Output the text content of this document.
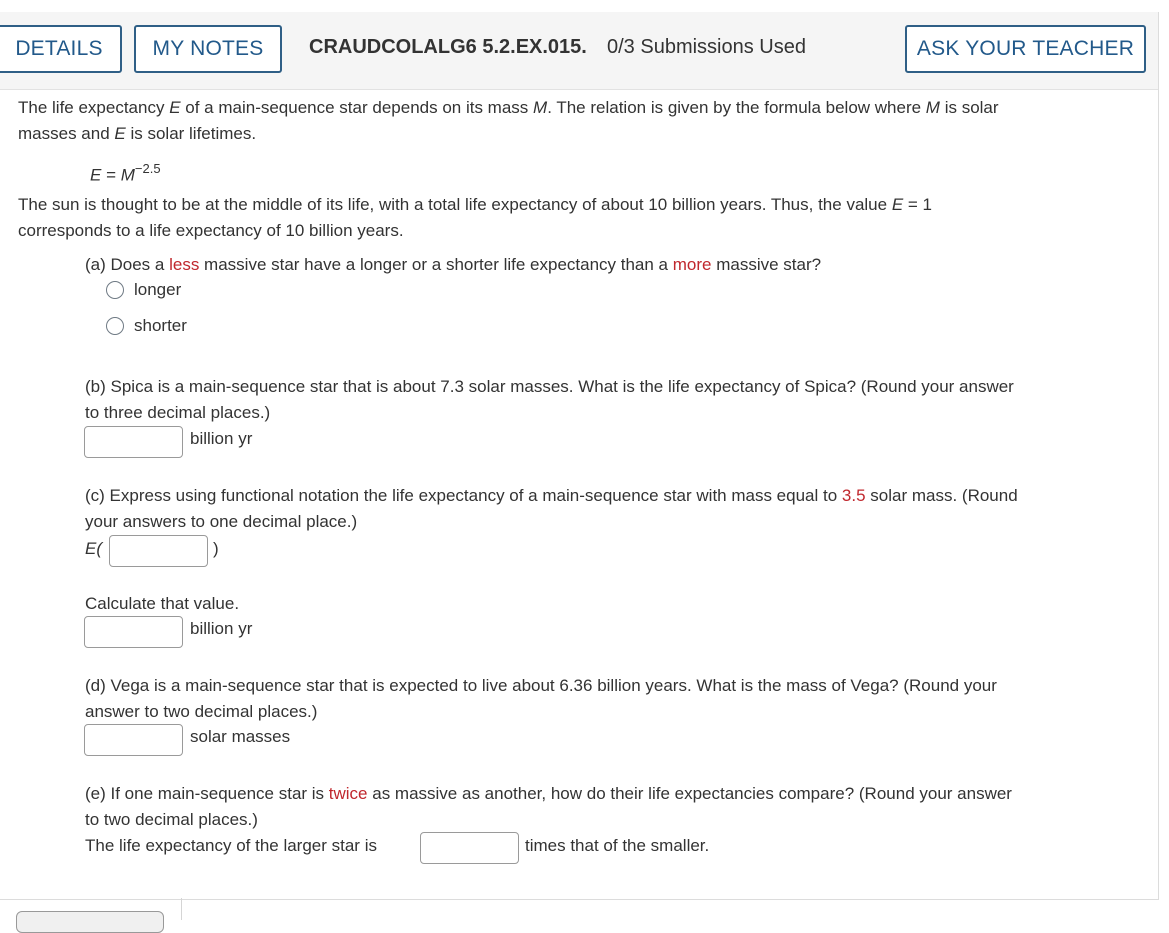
DETAILS	MY NOTES	CRAUDCOLALG6 5.2.EX.015. 0/3 Submissions Used	ASK YOUR TEACHER
The life expectancy E of a main-sequence star depends on its mass M. The relation is given by the formula below where M is solar
masses and E is solar lifetimes.
$E = M^{-2.5}$
The sun is thought to be at the middle of its life, with a total life expectancy of about 10 billion years. Thus, the value E = 1
corresponds to a life expectancy of 10 billion years.
(a) Does a less massive star have a longer or a shorter life expectancy than a more massive star?
longer
shorter
(b) Spica is a main-sequence star that is about 7.3 solar masses. What is the life expectancy of Spica? (Round your answer
to three decimal places.)
billion yr
(c) Express using functional notation the life expectancy of a main-sequence star with mass equal to 3.5 solar mass. (Round
your answers to one decimal place.)
E(	)
Calculate that value.
billion yr
(d) Vega is a main-sequence star that is expected to live about 6.36 billion years. What is the mass of Vega? (Round your
answer to two decimal places.)
solar masses
(e) If one main-sequence star is twice as massive as another, how do their life expectancies compare? (Round your answer
to two decimal places.)
The life expectancy of the larger star is	times that of the smaller.
